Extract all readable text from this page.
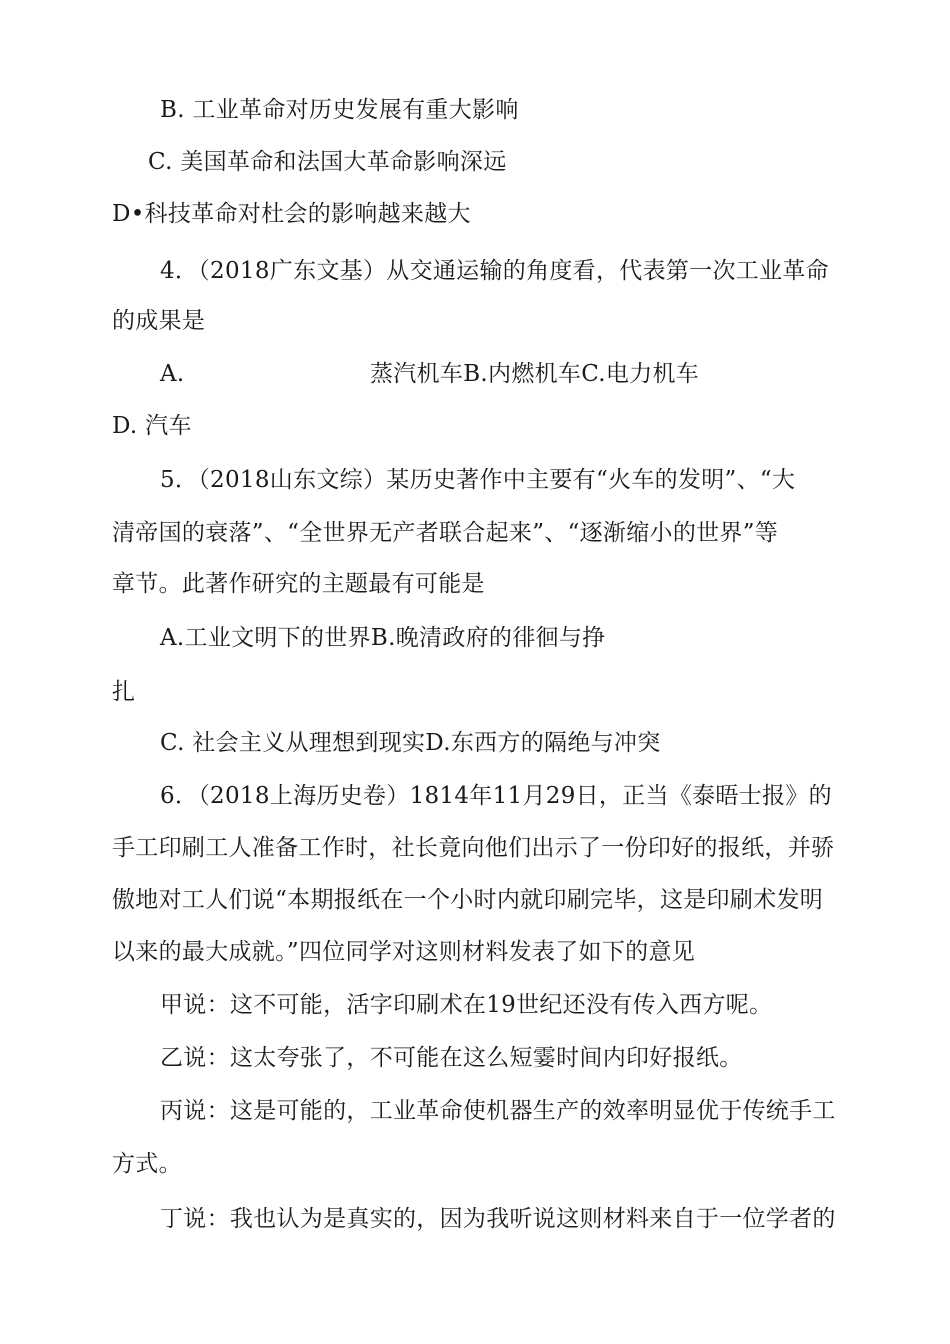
B. 工业革命对历史发展有重大影响
C. 美国革命和法国大革命影响深远
D•科技革命对杜会的影响越来越大
4．（2018广东文基）从交通运输的角度看，代表第一次工业革命
的成果是
A.	蒸汽机车B.内燃机车C.电力机车
D. 汽车
5．（2018山东文综）某历史著作中主要有“火车的发明”、“大
清帝国的衰落”、“全世界无产者联合起来”、“逐渐缩小的世界”等
章节。此著作研究的主题最有可能是
A.工业文明下的世界B.晚清政府的徘徊与挣
扎
C. 社会主义从理想到现实D.东西方的隔绝与冲突
6．（2018上海历史卷）1814年11月29日，正当《泰晤士报》的
手工印刷工人准备工作时，社长竟向他们出示了一份印好的报纸，并骄
傲地对工人们说“本期报纸在一个小时内就印刷完毕，这是印刷术发明
以来的最大成就。”四位同学对这则材料发表了如下的意见
甲说：这不可能，活字印刷术在19世纪还没有传入西方呢。
乙说：这太夸张了，不可能在这么短霎时间内印好报纸。
丙说：这是可能的，工业革命使机器生产的效率明显优于传统手工
方式。
丁说：我也认为是真实的，因为我听说这则材料来自于一位学者的
